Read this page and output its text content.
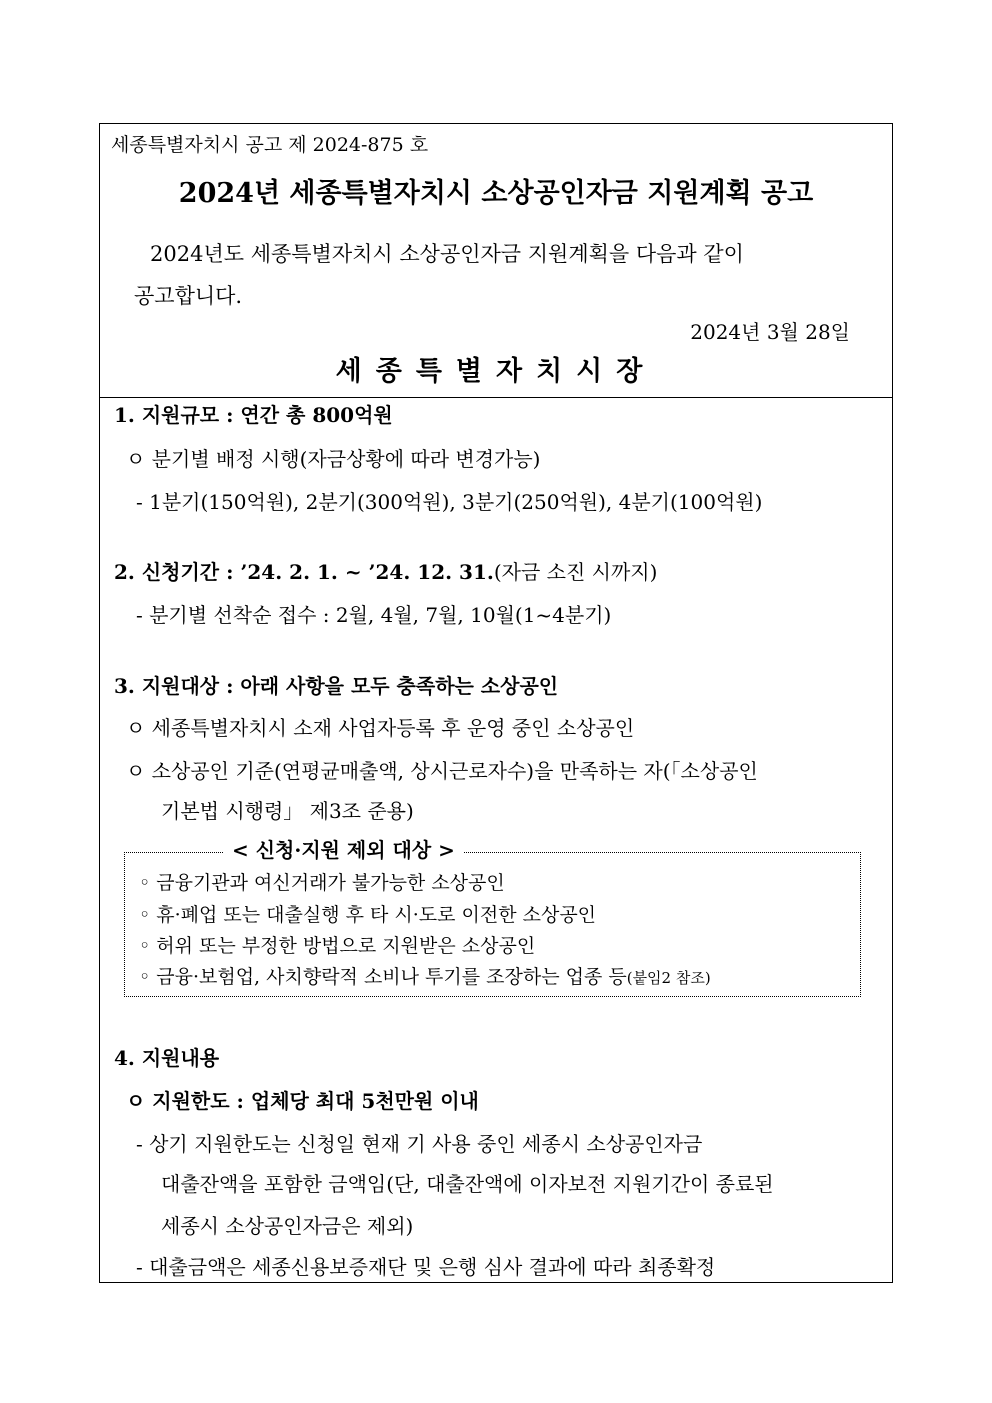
세종특별자치시 공고 제 2024-875 호
2024년 세종특별자치시 소상공인자금 지원계획 공고
2024년도 세종특별자치시 소상공인자금 지원계획을 다음과 같이
공고합니다.
2024년 3월 28일
세종특별자치시장
1. 지원규모 : 연간 총 800억원
ㅇ 분기별 배정 시행(자금상황에 따라 변경가능)
- 1분기(150억원), 2분기(300억원), 3분기(250억원), 4분기(100억원)
2. 신청기간 : ’24. 2. 1. ~ ’24. 12. 31.(자금 소진 시까지)
- 분기별 선착순 접수 : 2월, 4월, 7월, 10월(1~4분기)
3. 지원대상 : 아래 사항을 모두 충족하는 소상공인
ㅇ 세종특별자치시 소재 사업자등록 후 운영 중인 소상공인
ㅇ 소상공인 기준(연평균매출액, 상시근로자수)을 만족하는 자(「소상공인
기본법 시행령」 제3조 준용)
< 신청·지원 제외 대상 >
◦ 금융기관과 여신거래가 불가능한 소상공인
◦ 휴·폐업 또는 대출실행 후 타 시·도로 이전한 소상공인
◦ 허위 또는 부정한 방법으로 지원받은 소상공인
◦ 금융·보험업, 사치향락적 소비나 투기를 조장하는 업종 등(붙임2 참조)
4. 지원내용
ㅇ 지원한도 : 업체당 최대 5천만원 이내
- 상기 지원한도는 신청일 현재 기 사용 중인 세종시 소상공인자금
대출잔액을 포함한 금액임(단, 대출잔액에 이자보전 지원기간이 종료된
세종시 소상공인자금은 제외)
- 대출금액은 세종신용보증재단 및 은행 심사 결과에 따라 최종확정
